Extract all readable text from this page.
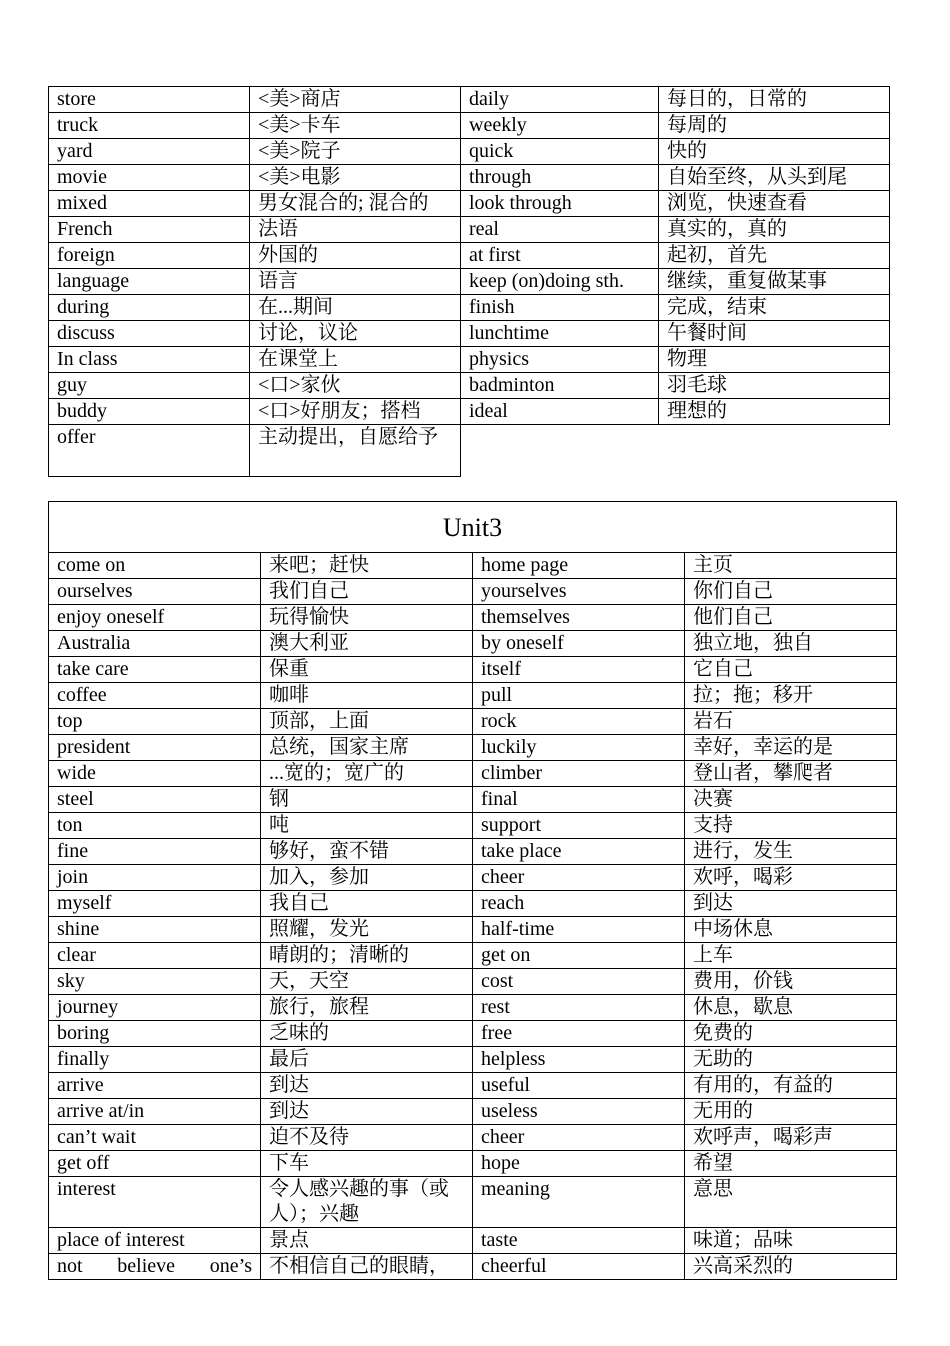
store	<美>商店	daily	每日的，日常的
truck	<美>卡车	weekly	每周的
yard	<美>院子	quick	快的
movie	<美>电影	through	自始至终，从头到尾
mixed	男女混合的; 混合的	look through	浏览，快速查看
French	法语	real	真实的，真的
foreign	外国的	at first	起初，首先
language	语言	keep (on)doing sth.	继续，重复做某事
during	在...期间	finish	完成，结束
discuss	讨论，议论	lunchtime	午餐时间
In class	在课堂上	physics	物理
guy	<口>家伙	badminton	羽毛球
buddy	<口>好朋友；搭档	ideal	理想的
offer	主动提出，自愿给予		
Unit3			
come on	来吧；赶快	home page	主页
ourselves	我们自己	yourselves	你们自己
enjoy oneself	玩得愉快	themselves	他们自己
Australia	澳大利亚	by oneself	独立地，独自
take care	保重	itself	它自己
coffee	咖啡	pull	拉；拖；移开
top	顶部，上面	rock	岩石
president	总统，国家主席	luckily	幸好，幸运的是
wide	...宽的；宽广的	climber	登山者，攀爬者
steel	钢	final	决赛
ton	吨	support	支持
fine	够好，蛮不错	take place	进行，发生
join	加入，参加	cheer	欢呼，喝彩
myself	我自己	reach	到达
shine	照耀，发光	half-time	中场休息
clear	晴朗的；清晰的	get on	上车
sky	天，天空	cost	费用，价钱
journey	旅行，旅程	rest	休息，歇息
boring	乏味的	free	免费的
finally	最后	helpless	无助的
arrive	到达	useful	有用的，有益的
arrive at/in	到达	useless	无用的
can’t wait	迫不及待	cheer	欢呼声，喝彩声
get off	下车	hope	希望
interest	令人感兴趣的事（或人）；兴趣	meaning	意思
place of interest	景点	taste	味道；品味
not believe one’s	不相信自己的眼睛，	cheerful	兴高采烈的
